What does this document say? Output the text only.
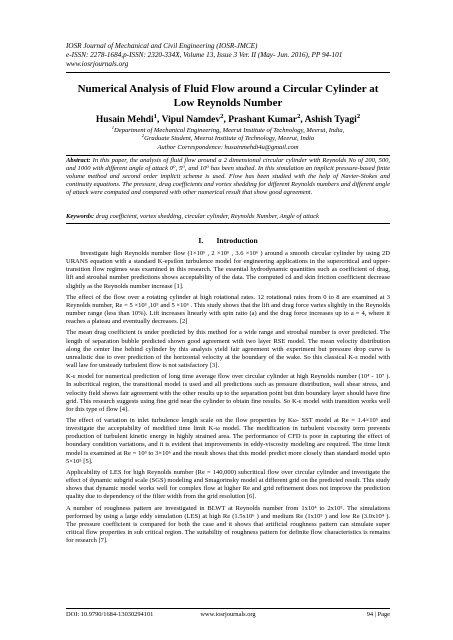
IOSR Journal of Mechanical and Civil Engineering (IOSR-JMCE)
e-ISSN: 2278-1684,p-ISSN: 2320-334X, Volume 13, Issue 3 Ver. II (May- Jun. 2016), PP 94-101
www.iosrjournals.org
Numerical Analysis of Fluid Flow around a Circular Cylinder at
Low Reynolds Number
Husain Mehdi$^1$, Vipul Namdev$^2$, Prashant Kumar$^2$, Ashish Tyagi$^2$
$^1$Department of Mechanical Engineering, Meerut Institute of Technology, Meerut, India,
$^2$Graduate Student, Meerut Institute of Technology, Meerut, India
Author Correspondence: husainmehdi4u@gmail.com
Abstract: In this paper, the analysis of fluid flow around a 2 dimensional circular cylinder with Reynolds No of 200, 500, and 1000 with different angle of attack 0⁰, 5⁰, and 10⁰ has been studied. In this simulation an implicit pressure-based finite volume method and second order implicit scheme is used. Flow has been studied with the help of Navier-Stokes and continuity equations. The pressure, drag coefficients and vortex shedding for different Reynolds numbers and different angle of attack were computed and compared with other numerical result that show good agreement.
Keywords: drag coefficient, vortex shedding, circular cylinder, Reynolds Number, Angle of attack
I. Introduction

Investigate high Reynolds number flow (1×10⁶ , 2 ×10⁶ , 3.6 ×10⁶ ) around a smooth circular cylinder by using 2D URANS equation with a standard K-epsilon turbulence model for engineering applications in the supercritical and upper-transition flow regimes was examined in this research. The essential hydrodynamic quantities such as coefficient of drag, lift and strouhal number predictions shows acceptability of the data. The computed cd and skin friction coefficient decrease slightly as the Reynolds number increase [1].

The effect of the flow over a rotating cylinder at high rotational rates. 12 rotational rates from 0 to 8 are examined at 3 Reynolds number, Re = 5 ×10³ ,10⁵ and 5 ×10⁶ . This study shows that the lift and drag force varies slightly in the Reynolds number range (less than 10%). Lift increases linearly with spin ratio (a) and the drag force increases up to a = 4, where it reaches a plateau and eventually decreases. [2]

The mean drag coefficient is under predicted by this method for a wide range and strouhal number is over predicted. The length of separation bubble predicted shown good agreement with two layer RSE model. The mean velocity distribution along the center line behind cylinder by this analysis yield fair agreement with experiment but pressure drop curve is unrealistic due to over prediction of the horizontal velocity at the boundary of the wake. So this classical K-ε model with wall law for unsteady turbulent flow is not satisfactory [3].

K-ε model for numerical prediction of long time average flow over circular cylinder at high Reynolds number (10⁴ - 10⁷ ). In subcritical region, the transitional model is used and all predictions such as pressure distribution, wall shear stress, and velocity field shows fair agreement with the other results up to the separation point but thin boundary layer should have fine grid. This research suggests using fine grid near the cylinder to obtain fine results. So K-ε model with transition works well for this type of flow [4].

The effect of variation in inlet turbulence length scale on the flow properties by Kω- SST model at Re = 1.4×10⁵ and investigate the acceptability of modified time limit K-ω model. The modification in turbulent viscosity term prevents production of turbulent kinetic energy in highly strained area. The performance of CFD is poor in capturing the effect of boundary condition variations, and it is evident that improvements in eddy-viscosity modeling are required. The time limit model is examined at Re = 10³ to 3×10⁶ and the result shows that this model predict more closely than standard model upto 5×10⁵ [5].

Applicability of LES for high Reynolds number (Re = 140,000) subcritical flow over circular cylinder and investigate the effect of dynamic subgrid scale (SGS) modeling and Smagorinsky model at different grid on the predicted result. This study shows that dynamic model works well for complex flow at higher Re and grid refinement does not improve the prediction quality due to dependency of the filter width from the grid resolution [6].

A number of roughness pattern are investigated in BLWT at Reynolds number from 1x10⁴ to 2x10⁵. The simulations performed by using a large eddy simulation (LES) at high Re (1.5x10⁶ ) and medium Re (1x10⁵ ) and low Re (3.0x10⁴ ). The pressure coefficient is compared for both the case and it shows that artificial roughness pattern can simulate super critical flow properties in sub critical region. The suitability of roughness pattern for definite flow characteristics is remains for research [7].

DOI: 10.9790/1684-13030294101	www.iosrjournals.org	94 | Page
